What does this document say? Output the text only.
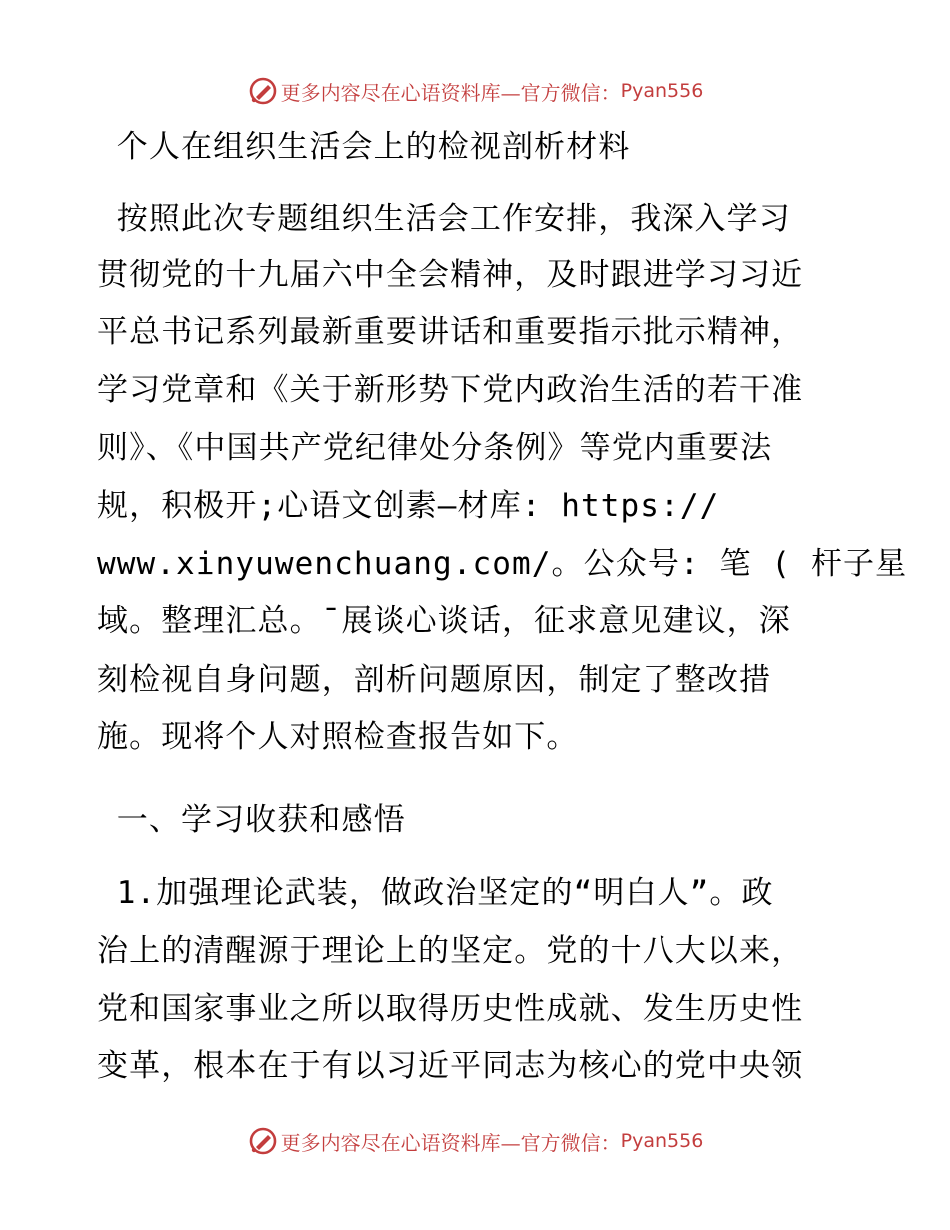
更多内容尽在心语资料库—官方微信： Pyan556

个人在组织生活会上的检视剖析材料

按照此次专题组织生活会工作安排，我深入学习

贯彻党的十九届六中全会精神，及时跟进学习习近

平总书记系列最新重要讲话和重要指示批示精神，

学习党章和《关于新形势下党内政治生活的若干准

则》、《中国共产党纪律处分条例》等党内重要法

规，积极开;心语文创素—材库: https://

www.xinyuwenchuang.com/。公众号: 笔 ( 杆子星

域。整理汇总。¯展谈心谈话，征求意见建议，深

刻检视自身问题，剖析问题原因，制定了整改措

施。现将个人对照检查报告如下。

一、学习收获和感悟

1.加强理论武装，做政治坚定的“明白人”。政

治上的清醒源于理论上的坚定。党的十八大以来，

党和国家事业之所以取得历史性成就、发生历史性

变革，根本在于有以习近平同志为核心的党中央领

更多内容尽在心语资料库—官方微信： Pyan556
